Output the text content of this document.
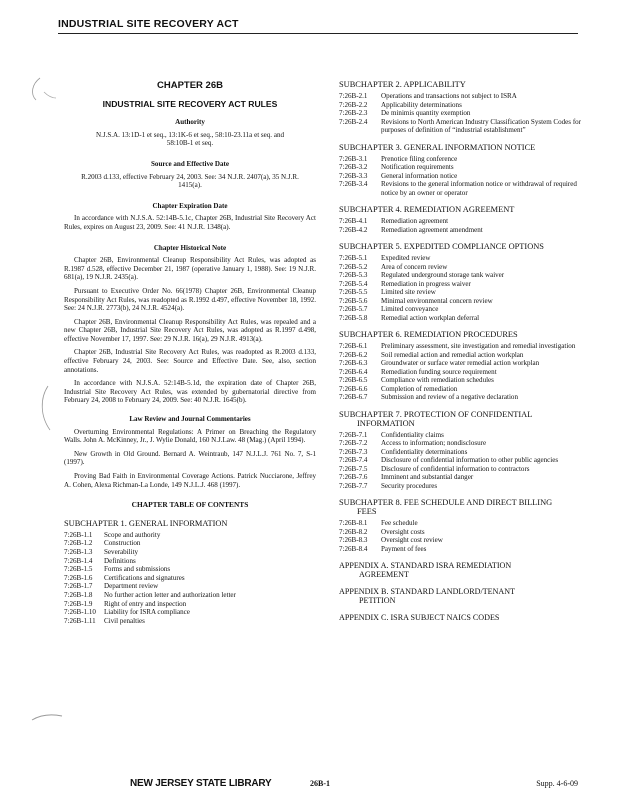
INDUSTRIAL SITE RECOVERY ACT
CHAPTER 26B
INDUSTRIAL SITE RECOVERY ACT RULES
Authority
N.J.S.A. 13:1D-1 et seq., 13:1K-6 et seq., 58:10-23.11a et seq. and 58:10B-1 et seq.
Source and Effective Date
R.2003 d.133, effective February 24, 2003. See: 34 N.J.R. 2407(a), 35 N.J.R. 1415(a).
Chapter Expiration Date
In accordance with N.J.S.A. 52:14B-5.1c, Chapter 26B, Industrial Site Recovery Act Rules, expires on August 23, 2009. See: 41 N.J.R. 1348(a).
Chapter Historical Note
Chapter 26B, Environmental Cleanup Responsibility Act Rules, was adopted as R.1987 d.528, effective December 21, 1987 (operative January 1, 1988). See: 19 N.J.R. 681(a), 19 N.J.R. 2435(a).
Pursuant to Executive Order No. 66(1978) Chapter 26B, Environmental Cleanup Responsibility Act Rules, was readopted as R.1992 d.497, effective November 18, 1992. See: 24 N.J.R. 2773(b), 24 N.J.R. 4524(a).
Chapter 26B, Environmental Cleanup Responsibility Act Rules, was repealed and a new Chapter 26B, Industrial Site Recovery Act Rules, was adopted as R.1997 d.498, effective November 17, 1997. See: 29 N.J.R. 16(a), 29 N.J.R. 4913(a).
Chapter 26B, Industrial Site Recovery Act Rules, was readopted as R.2003 d.133, effective February 24, 2003. See: Source and Effective Date. See, also, section annotations.
In accordance with N.J.S.A. 52:14B-5.1d, the expiration date of Chapter 26B, Industrial Site Recovery Act Rules, was extended by gubernatorial directive from February 24, 2008 to February 24, 2009. See: 40 N.J.R. 1645(b).
Law Review and Journal Commentaries
Overturning Environmental Regulations: A Primer on Breaching the Regulatory Walls. John A. McKinney, Jr., J. Wylie Donald, 160 N.J.Law. 48 (Mag.) (April 1994).
New Growth in Old Ground. Bernard A. Weintraub, 147 N.J.L.J. 761 No. 7, S-1 (1997).
Proving Bad Faith in Environmental Coverage Actions. Patrick Nucciarone, Jeffrey A. Cohen, Alexa Richman-La Londe, 149 N.J.L.J. 468 (1997).
CHAPTER TABLE OF CONTENTS
SUBCHAPTER 1. GENERAL INFORMATION
7:26B-1.1	Scope and authority
7:26B-1.2	Construction
7:26B-1.3	Severability
7:26B-1.4	Definitions
7:26B-1.5	Forms and submissions
7:26B-1.6	Certifications and signatures
7:26B-1.7	Department review
7:26B-1.8	No further action letter and authorization letter
7:26B-1.9	Right of entry and inspection
7:26B-1.10	Liability for ISRA compliance
7:26B-1.11	Civil penalties
SUBCHAPTER 2. APPLICABILITY
7:26B-2.1	Operations and transactions not subject to ISRA
7:26B-2.2	Applicability determinations
7:26B-2.3	De minimis quantity exemption
7:26B-2.4	Revisions to North American Industry Classification System Codes for purposes of definition of “industrial establishment”
SUBCHAPTER 3. GENERAL INFORMATION NOTICE
7:26B-3.1	Prenotice filing conference
7:26B-3.2	Notification requirements
7:26B-3.3	General information notice
7:26B-3.4	Revisions to the general information notice or withdrawal of required notice by an owner or operator
SUBCHAPTER 4. REMEDIATION AGREEMENT
7:26B-4.1	Remediation agreement
7:26B-4.2	Remediation agreement amendment
SUBCHAPTER 5. EXPEDITED COMPLIANCE OPTIONS
7:26B-5.1	Expedited review
7:26B-5.2	Area of concern review
7:26B-5.3	Regulated underground storage tank waiver
7:26B-5.4	Remediation in progress waiver
7:26B-5.5	Limited site review
7:26B-5.6	Minimal environmental concern review
7:26B-5.7	Limited conveyance
7:26B-5.8	Remedial action workplan deferral
SUBCHAPTER 6. REMEDIATION PROCEDURES
7:26B-6.1	Preliminary assessment, site investigation and remedial investigation
7:26B-6.2	Soil remedial action and remedial action workplan
7:26B-6.3	Groundwater or surface water remedial action workplan
7:26B-6.4	Remediation funding source requirement
7:26B-6.5	Compliance with remediation schedules
7:26B-6.6	Completion of remediation
7:26B-6.7	Submission and review of a negative declaration
SUBCHAPTER 7. PROTECTION OF CONFIDENTIAL
INFORMATION
7:26B-7.1	Confidentiality claims
7:26B-7.2	Access to information; nondisclosure
7:26B-7.3	Confidentiality determinations
7:26B-7.4	Disclosure of confidential information to other public agencies
7:26B-7.5	Disclosure of confidential information to contractors
7:26B-7.6	Imminent and substantial danger
7:26B-7.7	Security procedures
SUBCHAPTER 8. FEE SCHEDULE AND DIRECT BILLING
FEES
7:26B-8.1	Fee schedule
7:26B-8.2	Oversight costs
7:26B-8.3	Oversight cost review
7:26B-8.4	Payment of fees
APPENDIX A. STANDARD ISRA REMEDIATION
AGREEMENT
APPENDIX B. STANDARD LANDLORD/TENANT
PETITION
APPENDIX C. ISRA SUBJECT NAICS CODES
NEW JERSEY STATE LIBRARY	26B-1	Supp. 4-6-09
